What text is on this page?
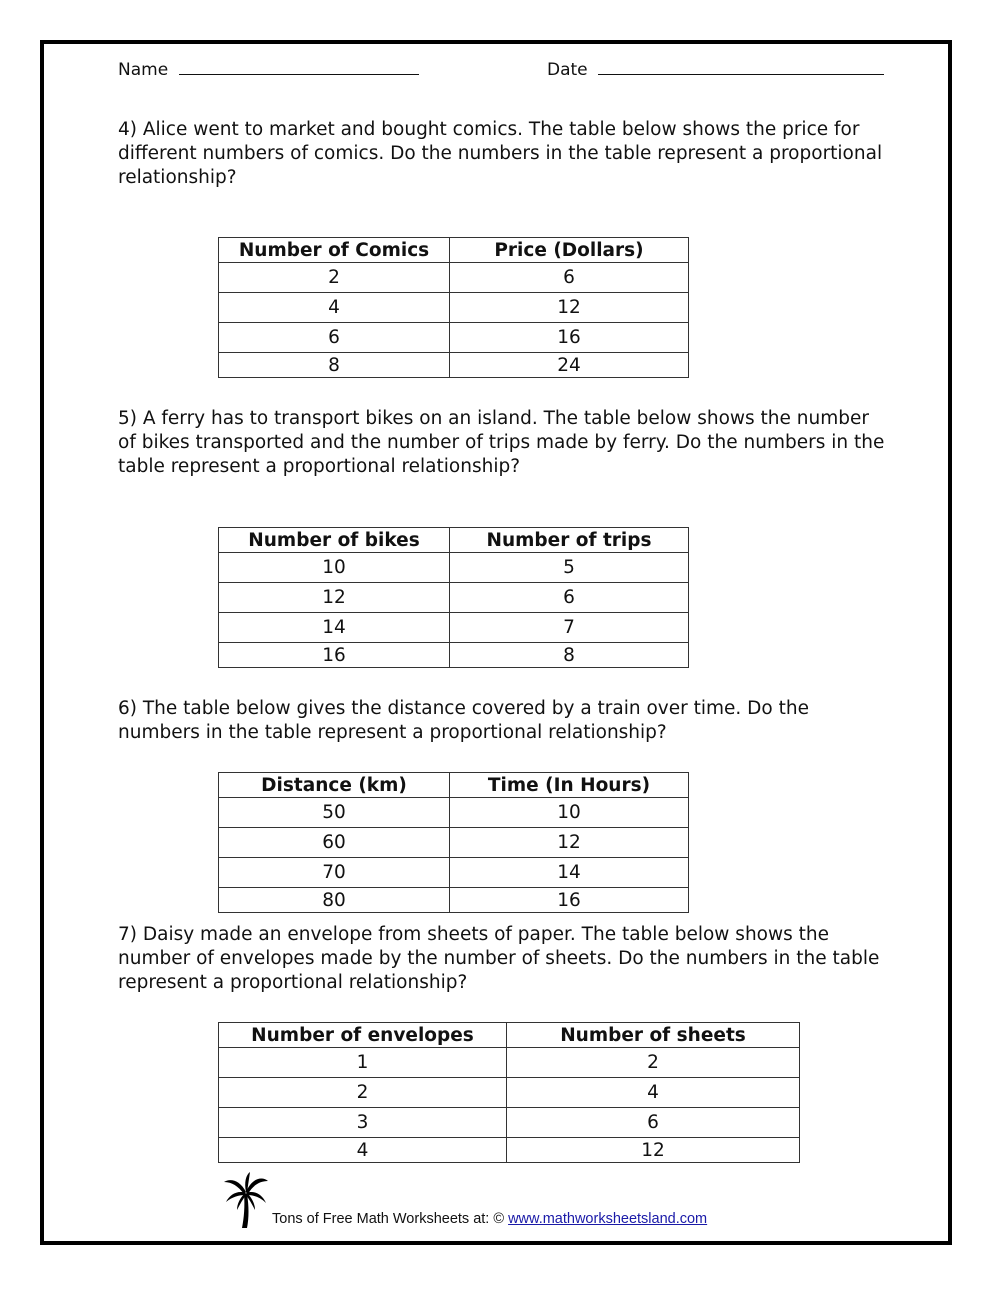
Name	Date

4) Alice went to market and bought comics. The table below shows the price for different numbers of comics. Do the numbers in the table represent a proportional relationship?

Number of Comics	Price (Dollars)
2	6
4	12
6	16
8	24

5) A ferry has to transport bikes on an island. The table below shows the number of bikes transported and the number of trips made by ferry. Do the numbers in the table represent a proportional relationship?

Number of bikes	Number of trips
10	5
12	6
14	7
16	8

6) The table below gives the distance covered by a train over time. Do the numbers in the table represent a proportional relationship?

Distance (km)	Time (In Hours)
50	10
60	12
70	14
80	16

7) Daisy made an envelope from sheets of paper. The table below shows the number of envelopes made by the number of sheets. Do the numbers in the table represent a proportional relationship?

Number of envelopes	Number of sheets
1	2
2	4
3	6
4	12
Tons of Free Math Worksheets at: © www.mathworksheetsland.com
